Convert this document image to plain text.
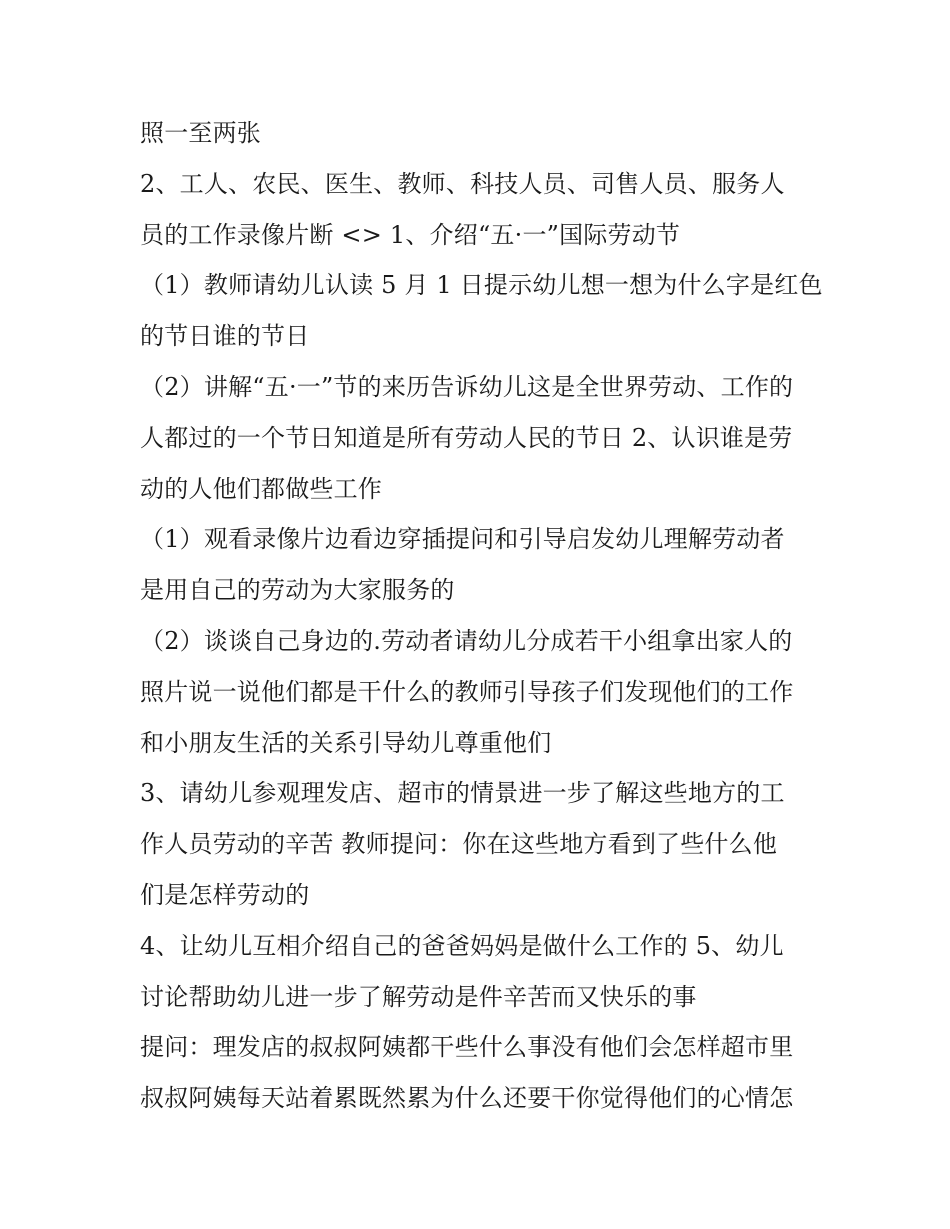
照一至两张
2、工人、农民、医生、教师、科技人员、司售人员、服务人
员的工作录像片断 <> 1、介绍“五·一”国际劳动节
（1）教师请幼儿认读 5 月 1 日提示幼儿想一想为什么字是红色
的节日谁的节日
（2）讲解“五·一”节的来历告诉幼儿这是全世界劳动、工作的
人都过的一个节日知道是所有劳动人民的节日 2、认识谁是劳
动的人他们都做些工作
（1）观看录像片边看边穿插提问和引导启发幼儿理解劳动者
是用自己的劳动为大家服务的
（2）谈谈自己身边的.劳动者请幼儿分成若干小组拿出家人的
照片说一说他们都是干什么的教师引导孩子们发现他们的工作
和小朋友生活的关系引导幼儿尊重他们
3、请幼儿参观理发店、超市的情景进一步了解这些地方的工
作人员劳动的辛苦 教师提问：你在这些地方看到了些什么他
们是怎样劳动的
4、让幼儿互相介绍自己的爸爸妈妈是做什么工作的 5、幼儿
讨论帮助幼儿进一步了解劳动是件辛苦而又快乐的事
提问：理发店的叔叔阿姨都干些什么事没有他们会怎样超市里
叔叔阿姨每天站着累既然累为什么还要干你觉得他们的心情怎
